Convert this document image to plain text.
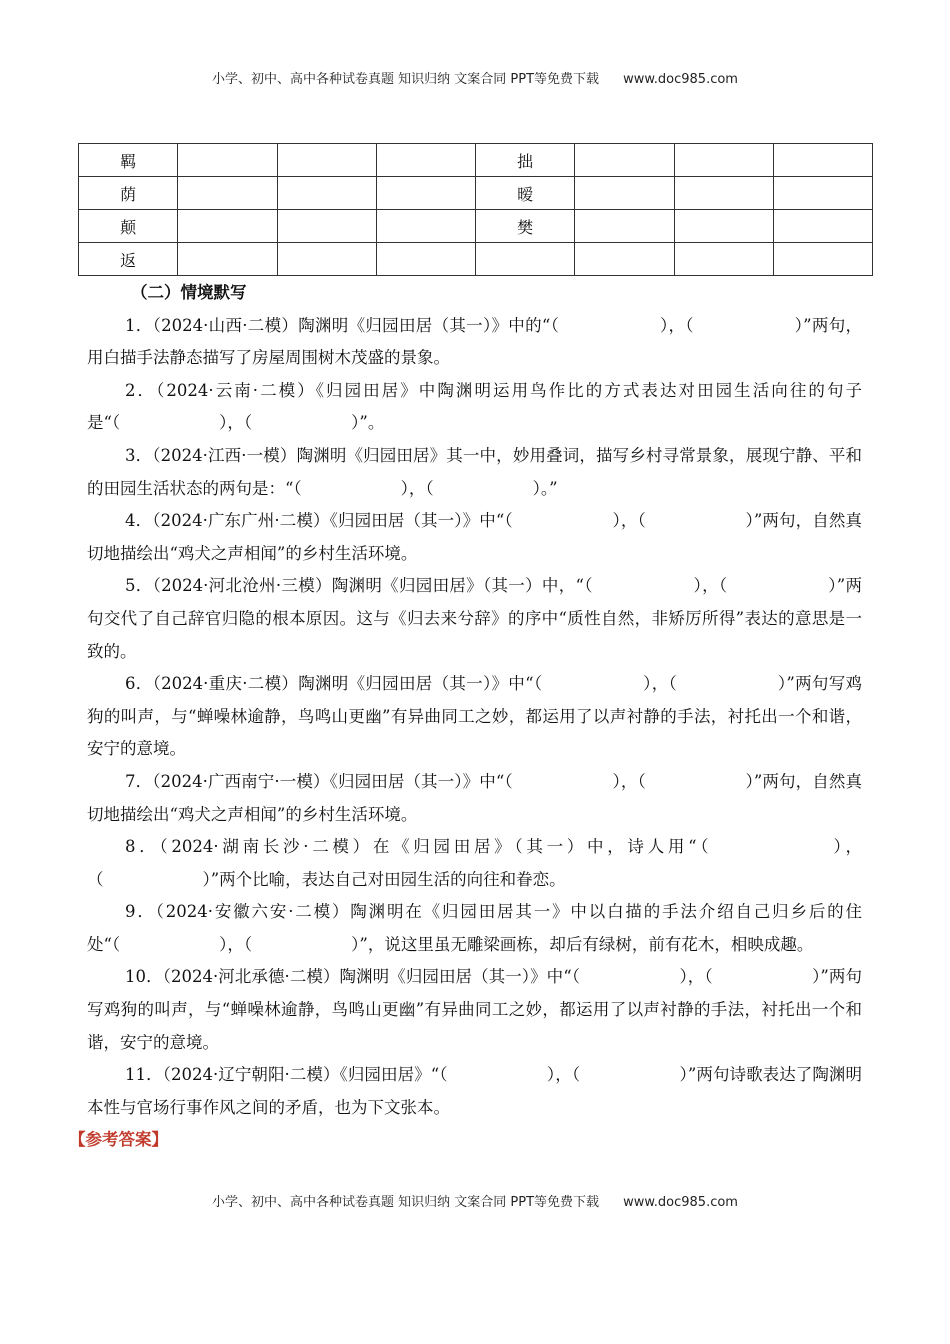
小学、初中、高中各种试卷真题 知识归纳 文案合同 PPT等免费下载 www.doc985.com
羁				拙			
荫				暧			
颠				樊			
返							
（二）情境默写

1．（2024·山西·二模）陶渊明《归园田居（其一）》中的“（　　　　　　），（　　　　　　）”两句，用白描手法静态描写了房屋周围树木茂盛的景象。

2．（2024·云南·二模）《归园田居》中陶渊明运用鸟作比的方式表达对田园生活向往的句子是“（　　　　　　），（　　　　　　）”。

3．（2024·江西·一模）陶渊明《归园田居》其一中，妙用叠词，描写乡村寻常景象，展现宁静、平和的田园生活状态的两句是：“（　　　　　　），（　　　　　　）。”

4．（2024·广东广州·二模）《归园田居（其一）》中“（　　　　　　），（　　　　　　）”两句，自然真切地描绘出“鸡犬之声相闻”的乡村生活环境。

5．（2024·河北沧州·三模）陶渊明《归园田居》（其一）中，“（　　　　　　），（　　　　　　）”两句交代了自己辞官归隐的根本原因。这与《归去来兮辞》的序中“质性自然，非矫厉所得”表达的意思是一致的。

6．（2024·重庆·二模）陶渊明《归园田居（其一）》中“（　　　　　　），（　　　　　　）”两句写鸡狗的叫声，与“蝉噪林逾静，鸟鸣山更幽”有异曲同工之妙，都运用了以声衬静的手法，衬托出一个和谐，安宁的意境。

7．（2024·广西南宁·一模）《归园田居（其一）》中“（　　　　　　），（　　　　　　）”两句，自然真切地描绘出“鸡犬之声相闻”的乡村生活环境。

8．（2024·湖南长沙·二模）在《归园田居》（其一）中，诗人用“（　　　　　　），（　　　　　　）”两个比喻，表达自己对田园生活的向往和眷恋。

9．（2024·安徽六安·二模）陶渊明在《归园田居其一》中以白描的手法介绍自己归乡后的住处“（　　　　　　），（　　　　　　）”，说这里虽无雕梁画栋，却后有绿树，前有花木，相映成趣。

10．（2024·河北承德·二模）陶渊明《归园田居（其一）》中“（　　　　　　），（　　　　　　）”两句写鸡狗的叫声，与“蝉噪林逾静，鸟鸣山更幽”有异曲同工之妙，都运用了以声衬静的手法，衬托出一个和谐，安宁的意境。

11．（2024·辽宁朝阳·二模）《归园田居》“（　　　　　　），（　　　　　　）”两句诗歌表达了陶渊明本性与官场行事作风之间的矛盾，也为下文张本。

【参考答案】
小学、初中、高中各种试卷真题 知识归纳 文案合同 PPT等免费下载 www.doc985.com
